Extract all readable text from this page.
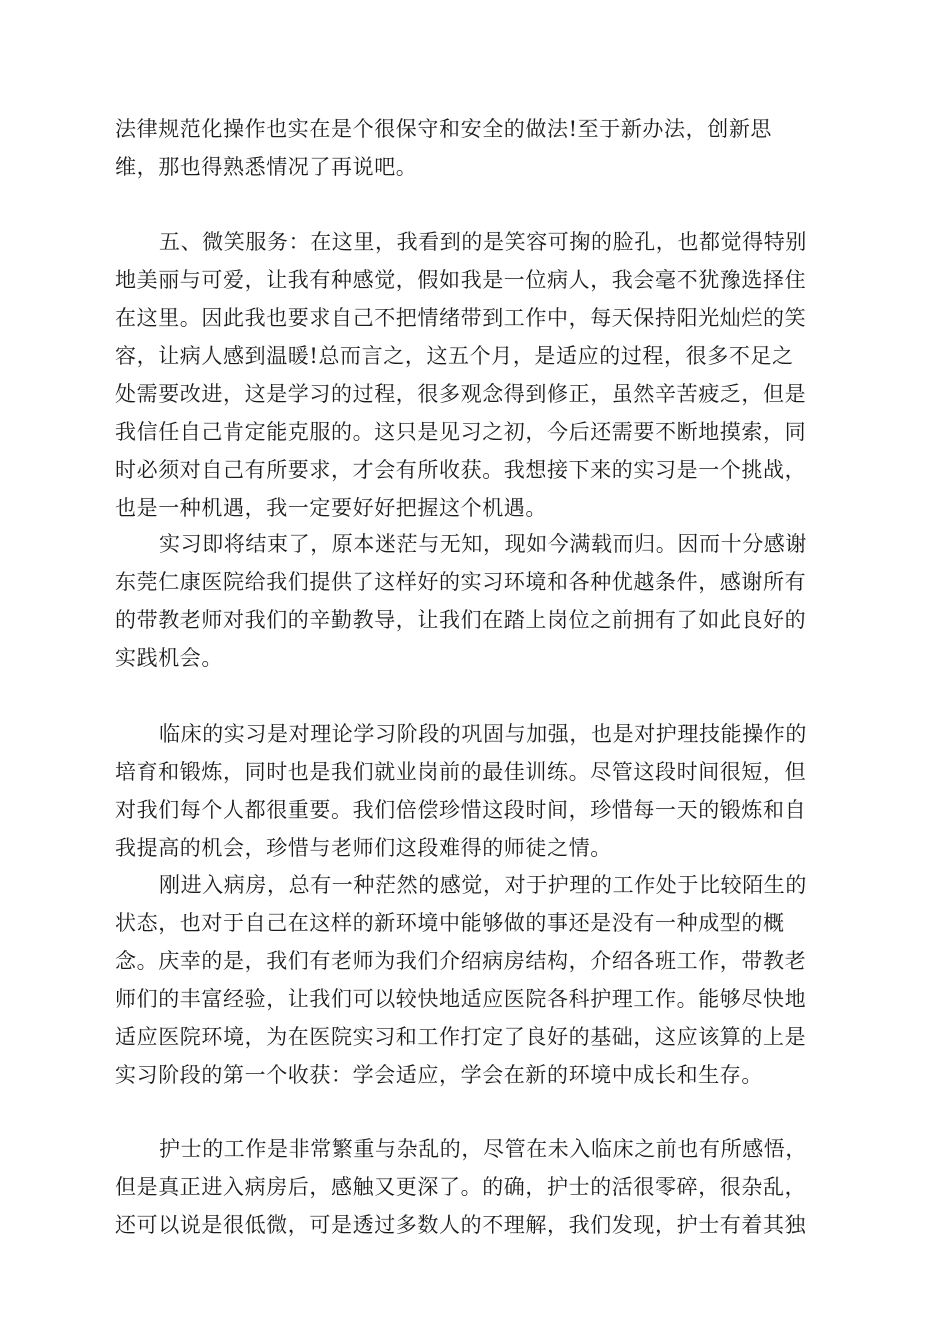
法律规范化操作也实在是个很保守和安全的做法!至于新办法，创新思

维，那也得熟悉情况了再说吧。

五、微笑服务：在这里，我看到的是笑容可掬的脸孔，也都觉得特别

地美丽与可爱，让我有种感觉，假如我是一位病人，我会毫不犹豫选择住

在这里。因此我也要求自己不把情绪带到工作中，每天保持阳光灿烂的笑

容，让病人感到温暖!总而言之，这五个月，是适应的过程，很多不足之

处需要改进，这是学习的过程，很多观念得到修正，虽然辛苦疲乏，但是

我信任自己肯定能克服的。这只是见习之初，今后还需要不断地摸索，同

时必须对自己有所要求，才会有所收获。我想接下来的实习是一个挑战，

也是一种机遇，我一定要好好把握这个机遇。

实习即将结束了，原本迷茫与无知，现如今满载而归。因而十分感谢

东莞仁康医院给我们提供了这样好的实习环境和各种优越条件，感谢所有

的带教老师对我们的辛勤教导，让我们在踏上岗位之前拥有了如此良好的

实践机会。

临床的实习是对理论学习阶段的巩固与加强，也是对护理技能操作的

培育和锻炼，同时也是我们就业岗前的最佳训练。尽管这段时间很短，但

对我们每个人都很重要。我们倍偿珍惜这段时间，珍惜每一天的锻炼和自

我提高的机会，珍惜与老师们这段难得的师徒之情。

刚进入病房，总有一种茫然的感觉，对于护理的工作处于比较陌生的

状态，也对于自己在这样的新环境中能够做的事还是没有一种成型的概

念。庆幸的是，我们有老师为我们介绍病房结构，介绍各班工作，带教老

师们的丰富经验，让我们可以较快地适应医院各科护理工作。能够尽快地

适应医院环境，为在医院实习和工作打定了良好的基础，这应该算的上是

实习阶段的第一个收获：学会适应，学会在新的环境中成长和生存。

护士的工作是非常繁重与杂乱的，尽管在未入临床之前也有所感悟，

但是真正进入病房后，感触又更深了。的确，护士的活很零碎，很杂乱，

还可以说是很低微，可是透过多数人的不理解，我们发现，护士有着其独
